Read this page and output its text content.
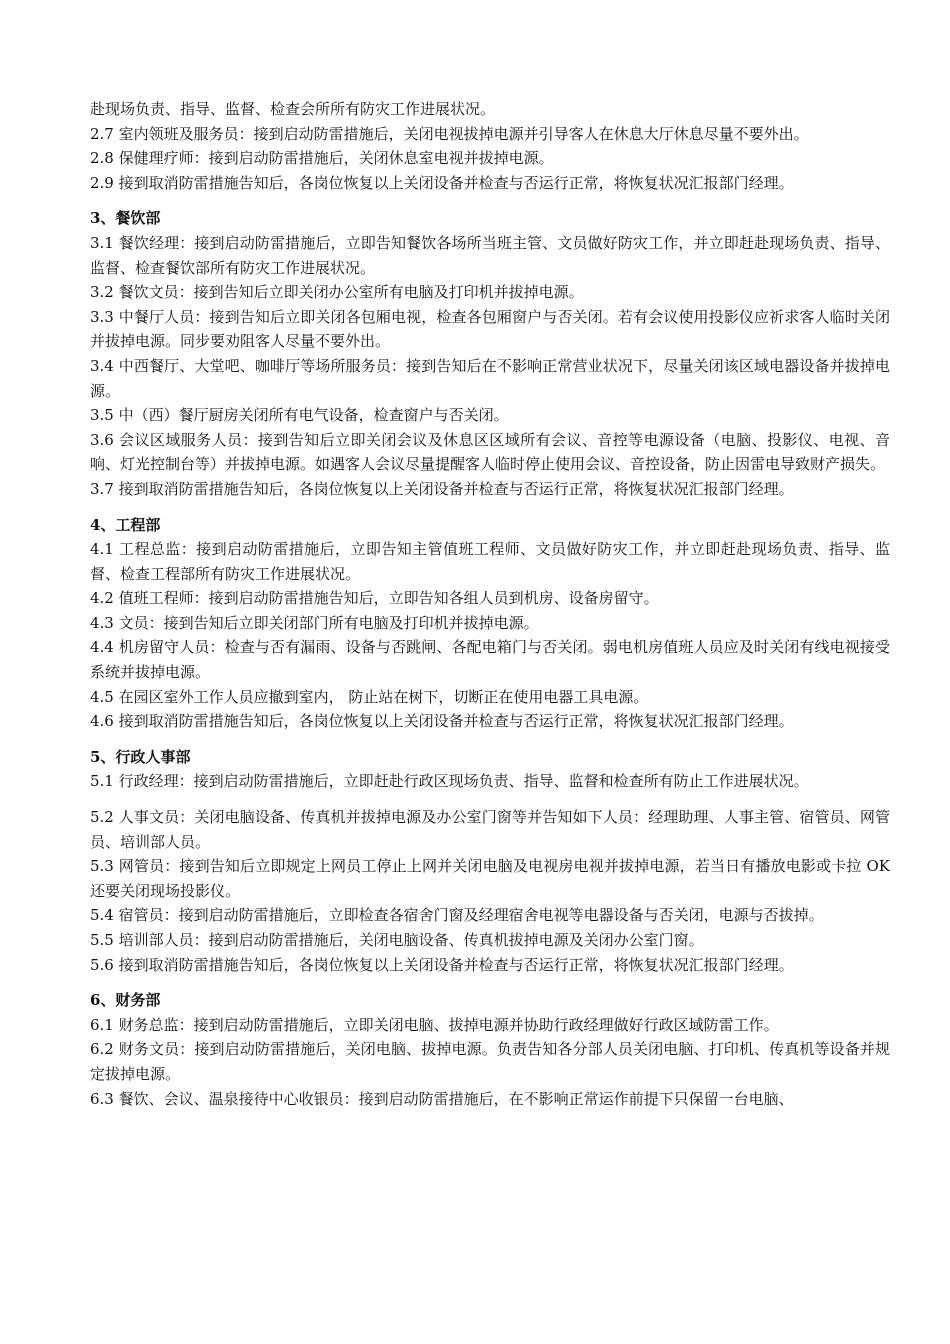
赴现场负责、指导、监督、检查会所所有防灾工作进展状况。

2.7 室内领班及服务员：接到启动防雷措施后，关闭电视拔掉电源并引导客人在休息大厅休息尽量不要外出。

2.8 保健理疗师：接到启动防雷措施后，关闭休息室电视并拔掉电源。

2.9 接到取消防雷措施告知后，各岗位恢复以上关闭设备并检查与否运行正常，将恢复状况汇报部门经理。

3、餐饮部

3.1 餐饮经理：接到启动防雷措施后，立即告知餐饮各场所当班主管、文员做好防灾工作，并立即赶赴现场负责、指导、监督、检查餐饮部所有防灾工作进展状况。

3.2 餐饮文员：接到告知后立即关闭办公室所有电脑及打印机并拔掉电源。

3.3 中餐厅人员：接到告知后立即关闭各包厢电视，检查各包厢窗户与否关闭。若有会议使用投影仪应祈求客人临时关闭并拔掉电源。同步要劝阻客人尽量不要外出。

3.4 中西餐厅、大堂吧、咖啡厅等场所服务员：接到告知后在不影响正常营业状况下，尽量关闭该区域电器设备并拔掉电源。

3.5 中（西）餐厅厨房关闭所有电气设备，检查窗户与否关闭。

3.6 会议区域服务人员：接到告知后立即关闭会议及休息区区域所有会议、音控等电源设备（电脑、投影仪、电视、音响、灯光控制台等）并拔掉电源。如遇客人会议尽量提醒客人临时停止使用会议、音控设备，防止因雷电导致财产损失。

3.7 接到取消防雷措施告知后，各岗位恢复以上关闭设备并检查与否运行正常，将恢复状况汇报部门经理。

4、工程部

4.1 工程总监：接到启动防雷措施后，立即告知主管值班工程师、文员做好防灾工作，并立即赶赴现场负责、指导、监督、检查工程部所有防灾工作进展状况。

4.2 值班工程师：接到启动防雷措施告知后，立即告知各组人员到机房、设备房留守。

4.3 文员：接到告知后立即关闭部门所有电脑及打印机并拔掉电源。

4.4 机房留守人员：检查与否有漏雨、设备与否跳闸、各配电箱门与否关闭。弱电机房值班人员应及时关闭有线电视接受系统并拔掉电源。

4.5 在园区室外工作人员应撤到室内， 防止站在树下，切断正在使用电器工具电源。

4.6 接到取消防雷措施告知后，各岗位恢复以上关闭设备并检查与否运行正常，将恢复状况汇报部门经理。

5、行政人事部

5.1 行政经理：接到启动防雷措施后，立即赶赴行政区现场负责、指导、监督和检查所有防止工作进展状况。

5.2 人事文员：关闭电脑设备、传真机并拔掉电源及办公室门窗等并告知如下人员：经理助理、人事主管、宿管员、网管员、培训部人员。

5.3 网管员：接到告知后立即规定上网员工停止上网并关闭电脑及电视房电视并拔掉电源，若当日有播放电影或卡拉 OK 还要关闭现场投影仪。

5.4 宿管员：接到启动防雷措施后，立即检查各宿舍门窗及经理宿舍电视等电器设备与否关闭，电源与否拔掉。

5.5 培训部人员：接到启动防雷措施后，关闭电脑设备、传真机拔掉电源及关闭办公室门窗。

5.6 接到取消防雷措施告知后，各岗位恢复以上关闭设备并检查与否运行正常，将恢复状况汇报部门经理。

6、财务部

6.1 财务总监：接到启动防雷措施后，立即关闭电脑、拔掉电源并协助行政经理做好行政区域防雷工作。

6.2 财务文员：接到启动防雷措施后，关闭电脑、拔掉电源。负责告知各分部人员关闭电脑、打印机、传真机等设备并规定拔掉电源。

6.3 餐饮、会议、温泉接待中心收银员：接到启动防雷措施后，在不影响正常运作前提下只保留一台电脑、
